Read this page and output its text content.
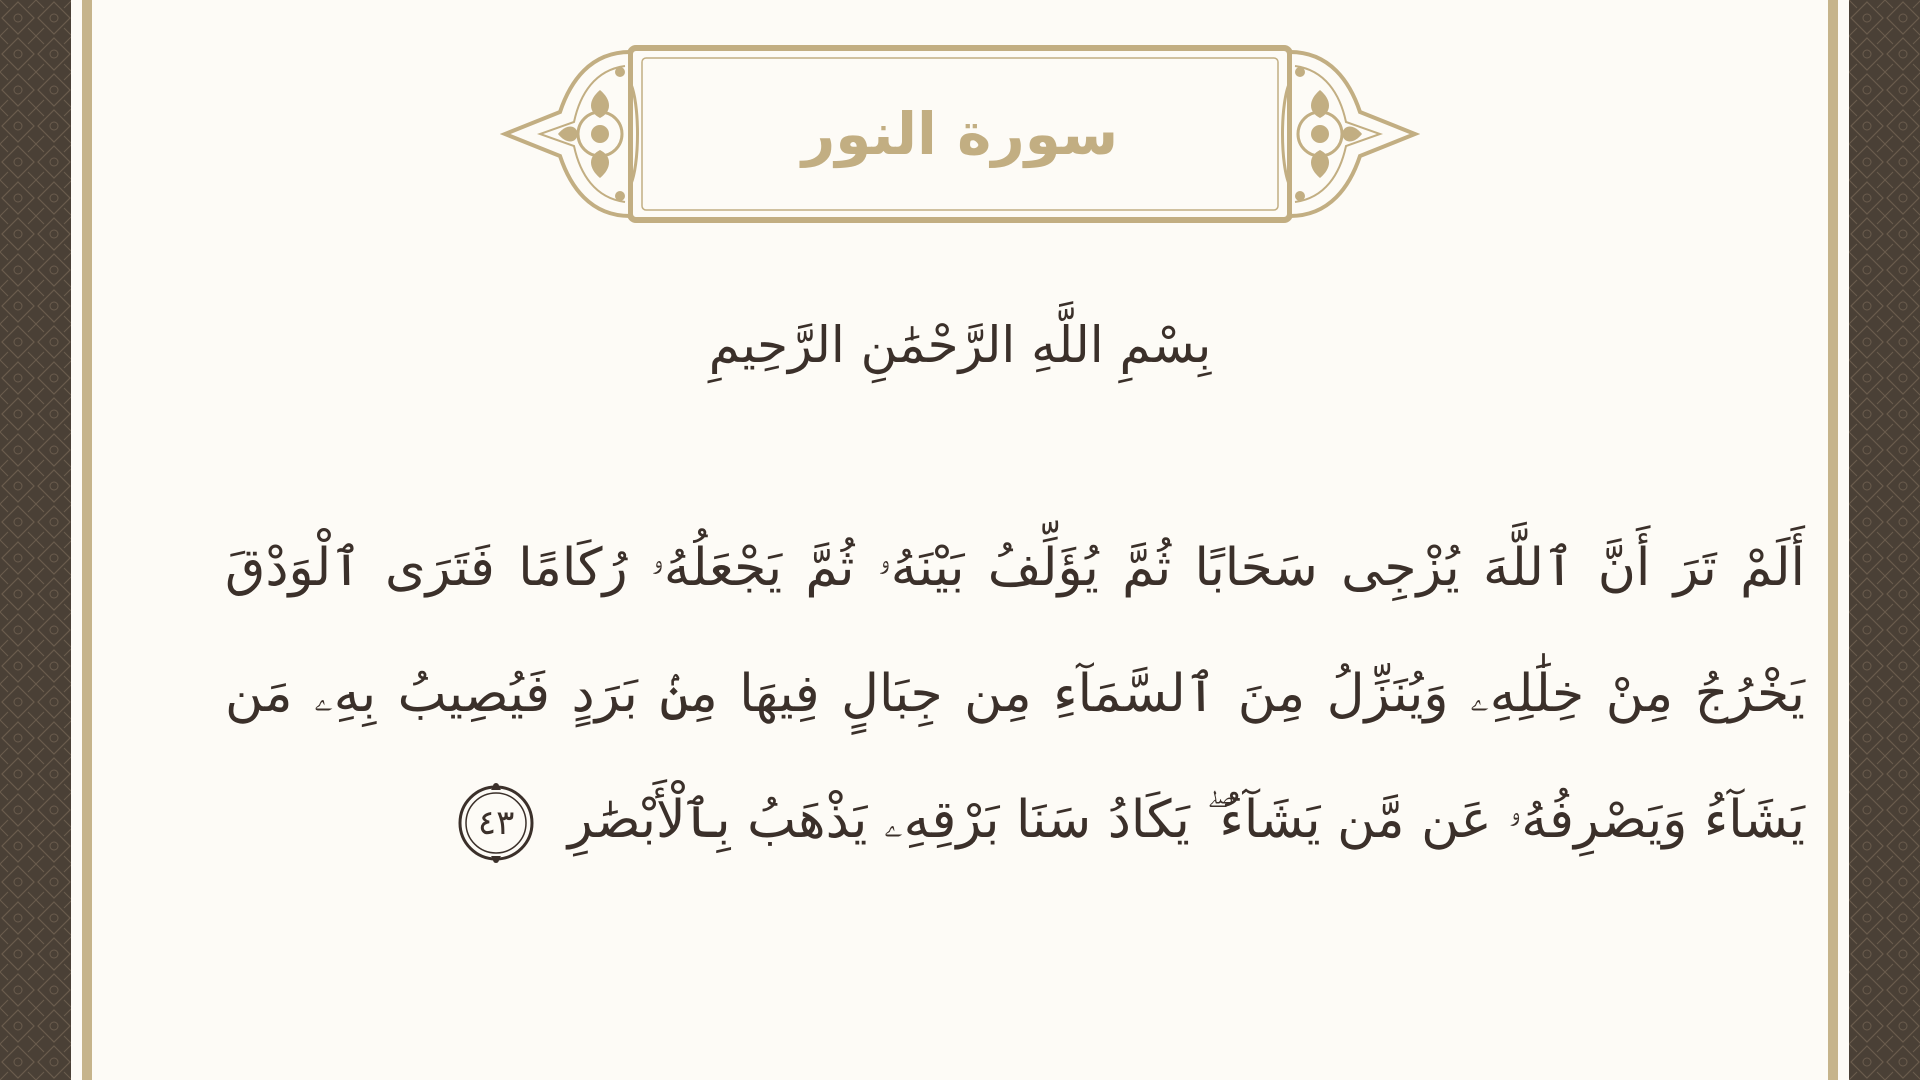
سورة النور
بِسْمِ اللَّهِ الرَّحْمَٰنِ الرَّحِيمِ
أَلَمْ تَرَ أَنَّ ٱللَّهَ يُزْجِى سَحَابًا ثُمَّ يُؤَلِّفُ بَيْنَهُۥ ثُمَّ يَجْعَلُهُۥ رُكَامًا فَتَرَى ٱلْوَدْقَ يَخْرُجُ مِنْ خِلَٰلِهِۦ وَيُنَزِّلُ مِنَ ٱلسَّمَآءِ مِن جِبَالٍ فِيهَا مِنۢ بَرَدٍ فَيُصِيبُ بِهِۦ مَن يَشَآءُ وَيَصْرِفُهُۥ عَن مَّن يَشَآءُ ۖ يَكَادُ سَنَا بَرْقِهِۦ يَذْهَبُ بِٱلْأَبْصَٰرِ
٤٣
